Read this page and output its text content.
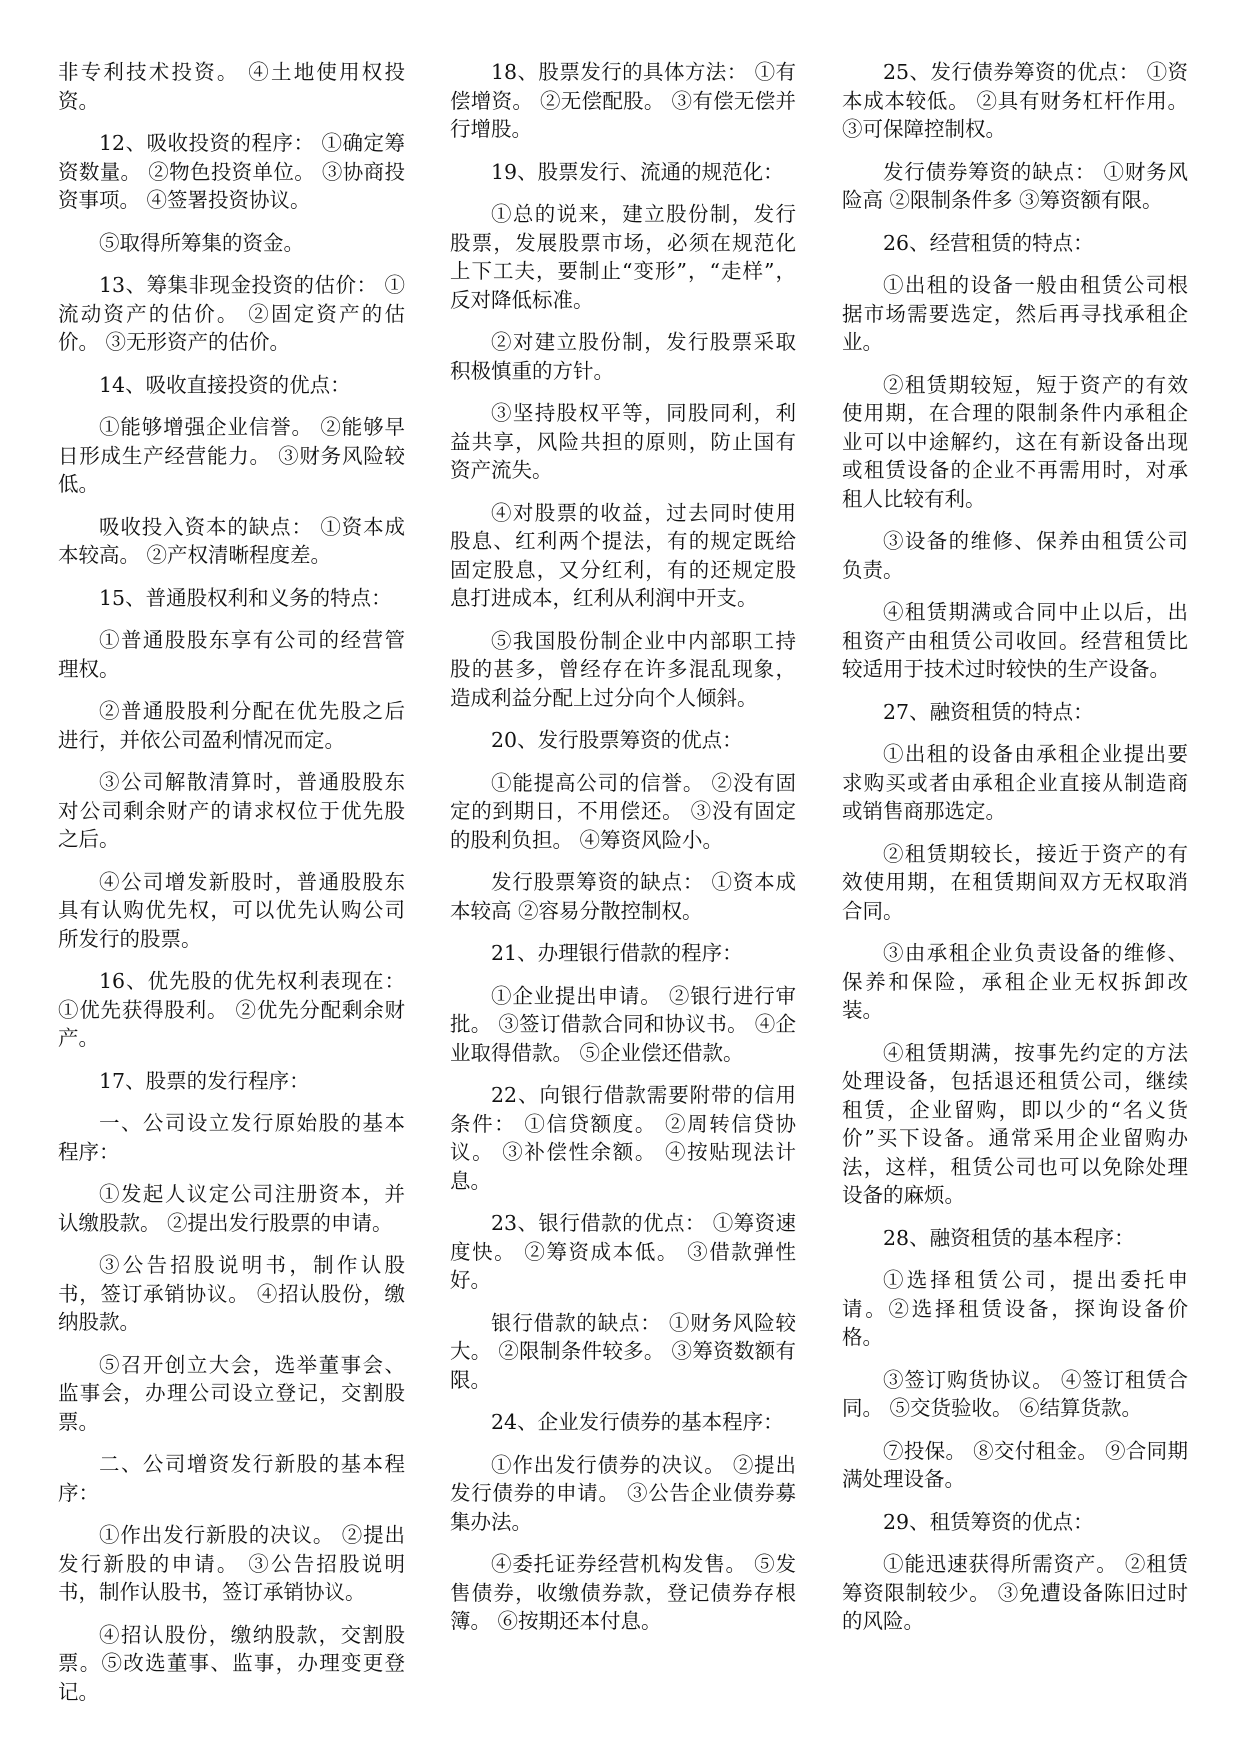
非专利技术投资。 ④土地使用权投资。

12、吸收投资的程序： ①确定筹资数量。 ②物色投资单位。 ③协商投资事项。 ④签署投资协议。

⑤取得所筹集的资金。

13、筹集非现金投资的估价： ①流动资产的估价。 ②固定资产的估价。 ③无形资产的估价。

14、吸收直接投资的优点：

①能够增强企业信誉。 ②能够早日形成生产经营能力。 ③财务风险较低。

吸收投入资本的缺点： ①资本成本较高。 ②产权清晰程度差。

15、普通股权利和义务的特点：

①普通股股东享有公司的经营管理权。

②普通股股利分配在优先股之后进行，并依公司盈利情况而定。

③公司解散清算时，普通股股东对公司剩余财产的请求权位于优先股之后。

④公司增发新股时，普通股股东具有认购优先权，可以优先认购公司所发行的股票。

16、优先股的优先权利表现在：①优先获得股利。 ②优先分配剩余财产。

17、股票的发行程序：

一、公司设立发行原始股的基本程序：

①发起人议定公司注册资本，并认缴股款。 ②提出发行股票的申请。

③公告招股说明书，制作认股书，签订承销协议。 ④招认股份，缴纳股款。

⑤召开创立大会，选举董事会、监事会，办理公司设立登记，交割股票。

二、公司增资发行新股的基本程序：

①作出发行新股的决议。 ②提出发行新股的申请。 ③公告招股说明书，制作认股书，签订承销协议。

④招认股份，缴纳股款，交割股票。⑤改选董事、监事，办理变更登记。

18、股票发行的具体方法： ①有偿增资。 ②无偿配股。 ③有偿无偿并行增股。

19、股票发行、流通的规范化：

①总的说来，建立股份制，发行股票，发展股票市场，必须在规范化上下工夫，要制止“变形”，“走样”，反对降低标准。

②对建立股份制，发行股票采取积极慎重的方针。

③坚持股权平等，同股同利，利益共享，风险共担的原则，防止国有资产流失。

④对股票的收益，过去同时使用股息、红利两个提法，有的规定既给固定股息，又分红利，有的还规定股息打进成本，红利从利润中开支。

⑤我国股份制企业中内部职工持股的甚多，曾经存在许多混乱现象，造成利益分配上过分向个人倾斜。

20、发行股票筹资的优点：

①能提高公司的信誉。 ②没有固定的到期日，不用偿还。 ③没有固定的股利负担。 ④筹资风险小。

发行股票筹资的缺点： ①资本成本较高 ②容易分散控制权。

21、办理银行借款的程序：

①企业提出申请。 ②银行进行审批。 ③签订借款合同和协议书。 ④企业取得借款。 ⑤企业偿还借款。

22、向银行借款需要附带的信用条件： ①信贷额度。 ②周转信贷协议。 ③补偿性余额。 ④按贴现法计息。

23、银行借款的优点： ①筹资速度快。 ②筹资成本低。 ③借款弹性好。

银行借款的缺点： ①财务风险较大。 ②限制条件较多。 ③筹资数额有限。

24、企业发行债券的基本程序：

①作出发行债券的决议。 ②提出发行债券的申请。 ③公告企业债券募集办法。

④委托证券经营机构发售。 ⑤发售债券，收缴债券款，登记债券存根簿。 ⑥按期还本付息。

25、发行债券筹资的优点： ①资本成本较低。 ②具有财务杠杆作用。 ③可保障控制权。

发行债券筹资的缺点： ①财务风险高 ②限制条件多 ③筹资额有限。

26、经营租赁的特点：

①出租的设备一般由租赁公司根据市场需要选定，然后再寻找承租企业。

②租赁期较短，短于资产的有效使用期，在合理的限制条件内承租企业可以中途解约，这在有新设备出现或租赁设备的企业不再需用时，对承租人比较有利。

③设备的维修、保养由租赁公司负责。

④租赁期满或合同中止以后，出租资产由租赁公司收回。经营租赁比较适用于技术过时较快的生产设备。

27、融资租赁的特点：

①出租的设备由承租企业提出要求购买或者由承租企业直接从制造商或销售商那选定。

②租赁期较长，接近于资产的有效使用期，在租赁期间双方无权取消合同。

③由承租企业负责设备的维修、保养和保险，承租企业无权拆卸改装。

④租赁期满，按事先约定的方法处理设备，包括退还租赁公司，继续租赁，企业留购，即以少的“名义货价”买下设备。通常采用企业留购办法，这样，租赁公司也可以免除处理设备的麻烦。

28、融资租赁的基本程序：

①选择租赁公司，提出委托申请。②选择租赁设备，探询设备价格。

③签订购货协议。 ④签订租赁合同。 ⑤交货验收。 ⑥结算货款。

⑦投保。 ⑧交付租金。 ⑨合同期满处理设备。

29、租赁筹资的优点：

①能迅速获得所需资产。 ②租赁筹资限制较少。 ③免遭设备陈旧过时的风险。
